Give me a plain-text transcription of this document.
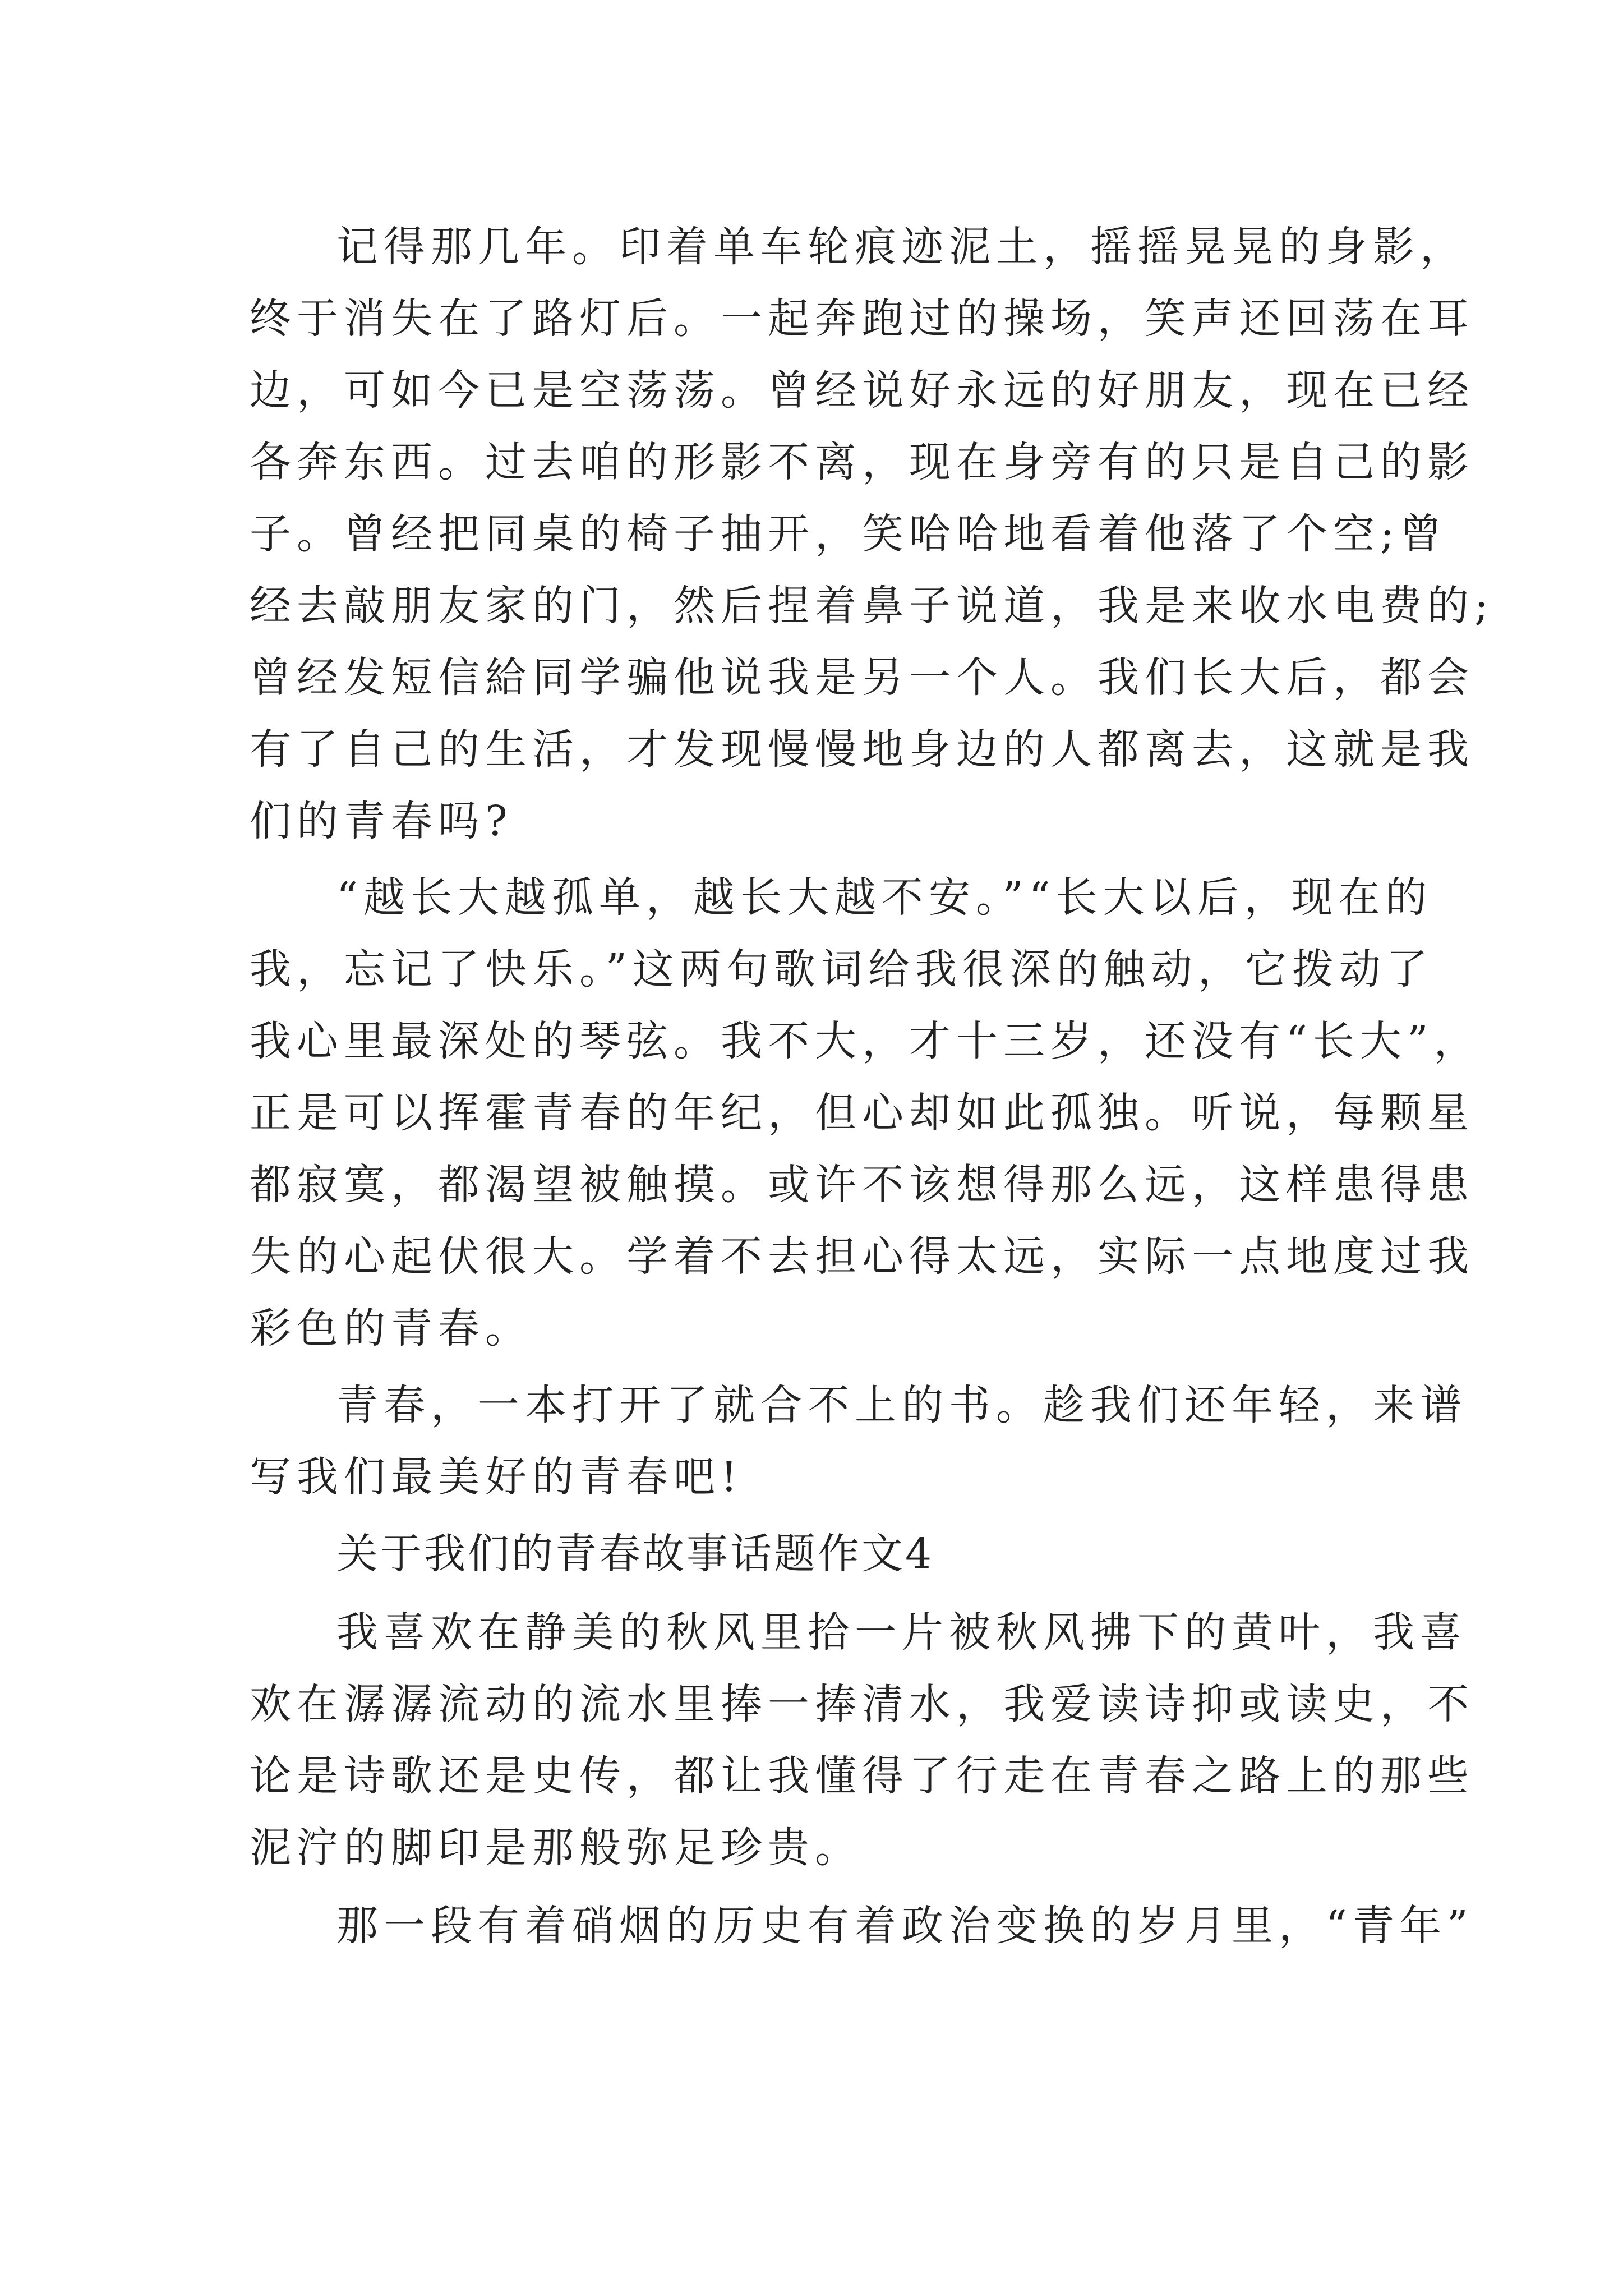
记得那几年。印着单车轮痕迹泥土，摇摇晃晃的身影，

终于消失在了路灯后。一起奔跑过的操场，笑声还回荡在耳

边，可如今已是空荡荡。曾经说好永远的好朋友，现在已经

各奔东西。过去咱的形影不离，现在身旁有的只是自己的影

子。曾经把同桌的椅子抽开，笑哈哈地看着他落了个空;曾

经去敲朋友家的门，然后捏着鼻子说道，我是来收水电费的;

曾经发短信給同学骗他说我是另一个人。我们长大后，都会

有了自己的生活，才发现慢慢地身边的人都离去，这就是我

们的青春吗?

“越长大越孤单，越长大越不安。”“长大以后，现在的

我，忘记了快乐。”这两句歌词给我很深的触动，它拨动了

我心里最深处的琴弦。我不大，才十三岁，还没有“长大”，

正是可以挥霍青春的年纪，但心却如此孤独。听说，每颗星

都寂寞，都渴望被触摸。或许不该想得那么远，这样患得患

失的心起伏很大。学着不去担心得太远，实际一点地度过我

彩色的青春。

青春，一本打开了就合不上的书。趁我们还年轻，来谱

写我们最美好的青春吧!

关于我们的青春故事话题作文4

我喜欢在静美的秋风里拾一片被秋风拂下的黄叶，我喜

欢在潺潺流动的流水里捧一捧清水，我爱读诗抑或读史，不

论是诗歌还是史传，都让我懂得了行走在青春之路上的那些

泥泞的脚印是那般弥足珍贵。

那一段有着硝烟的历史有着政治变换的岁月里，“青年”
